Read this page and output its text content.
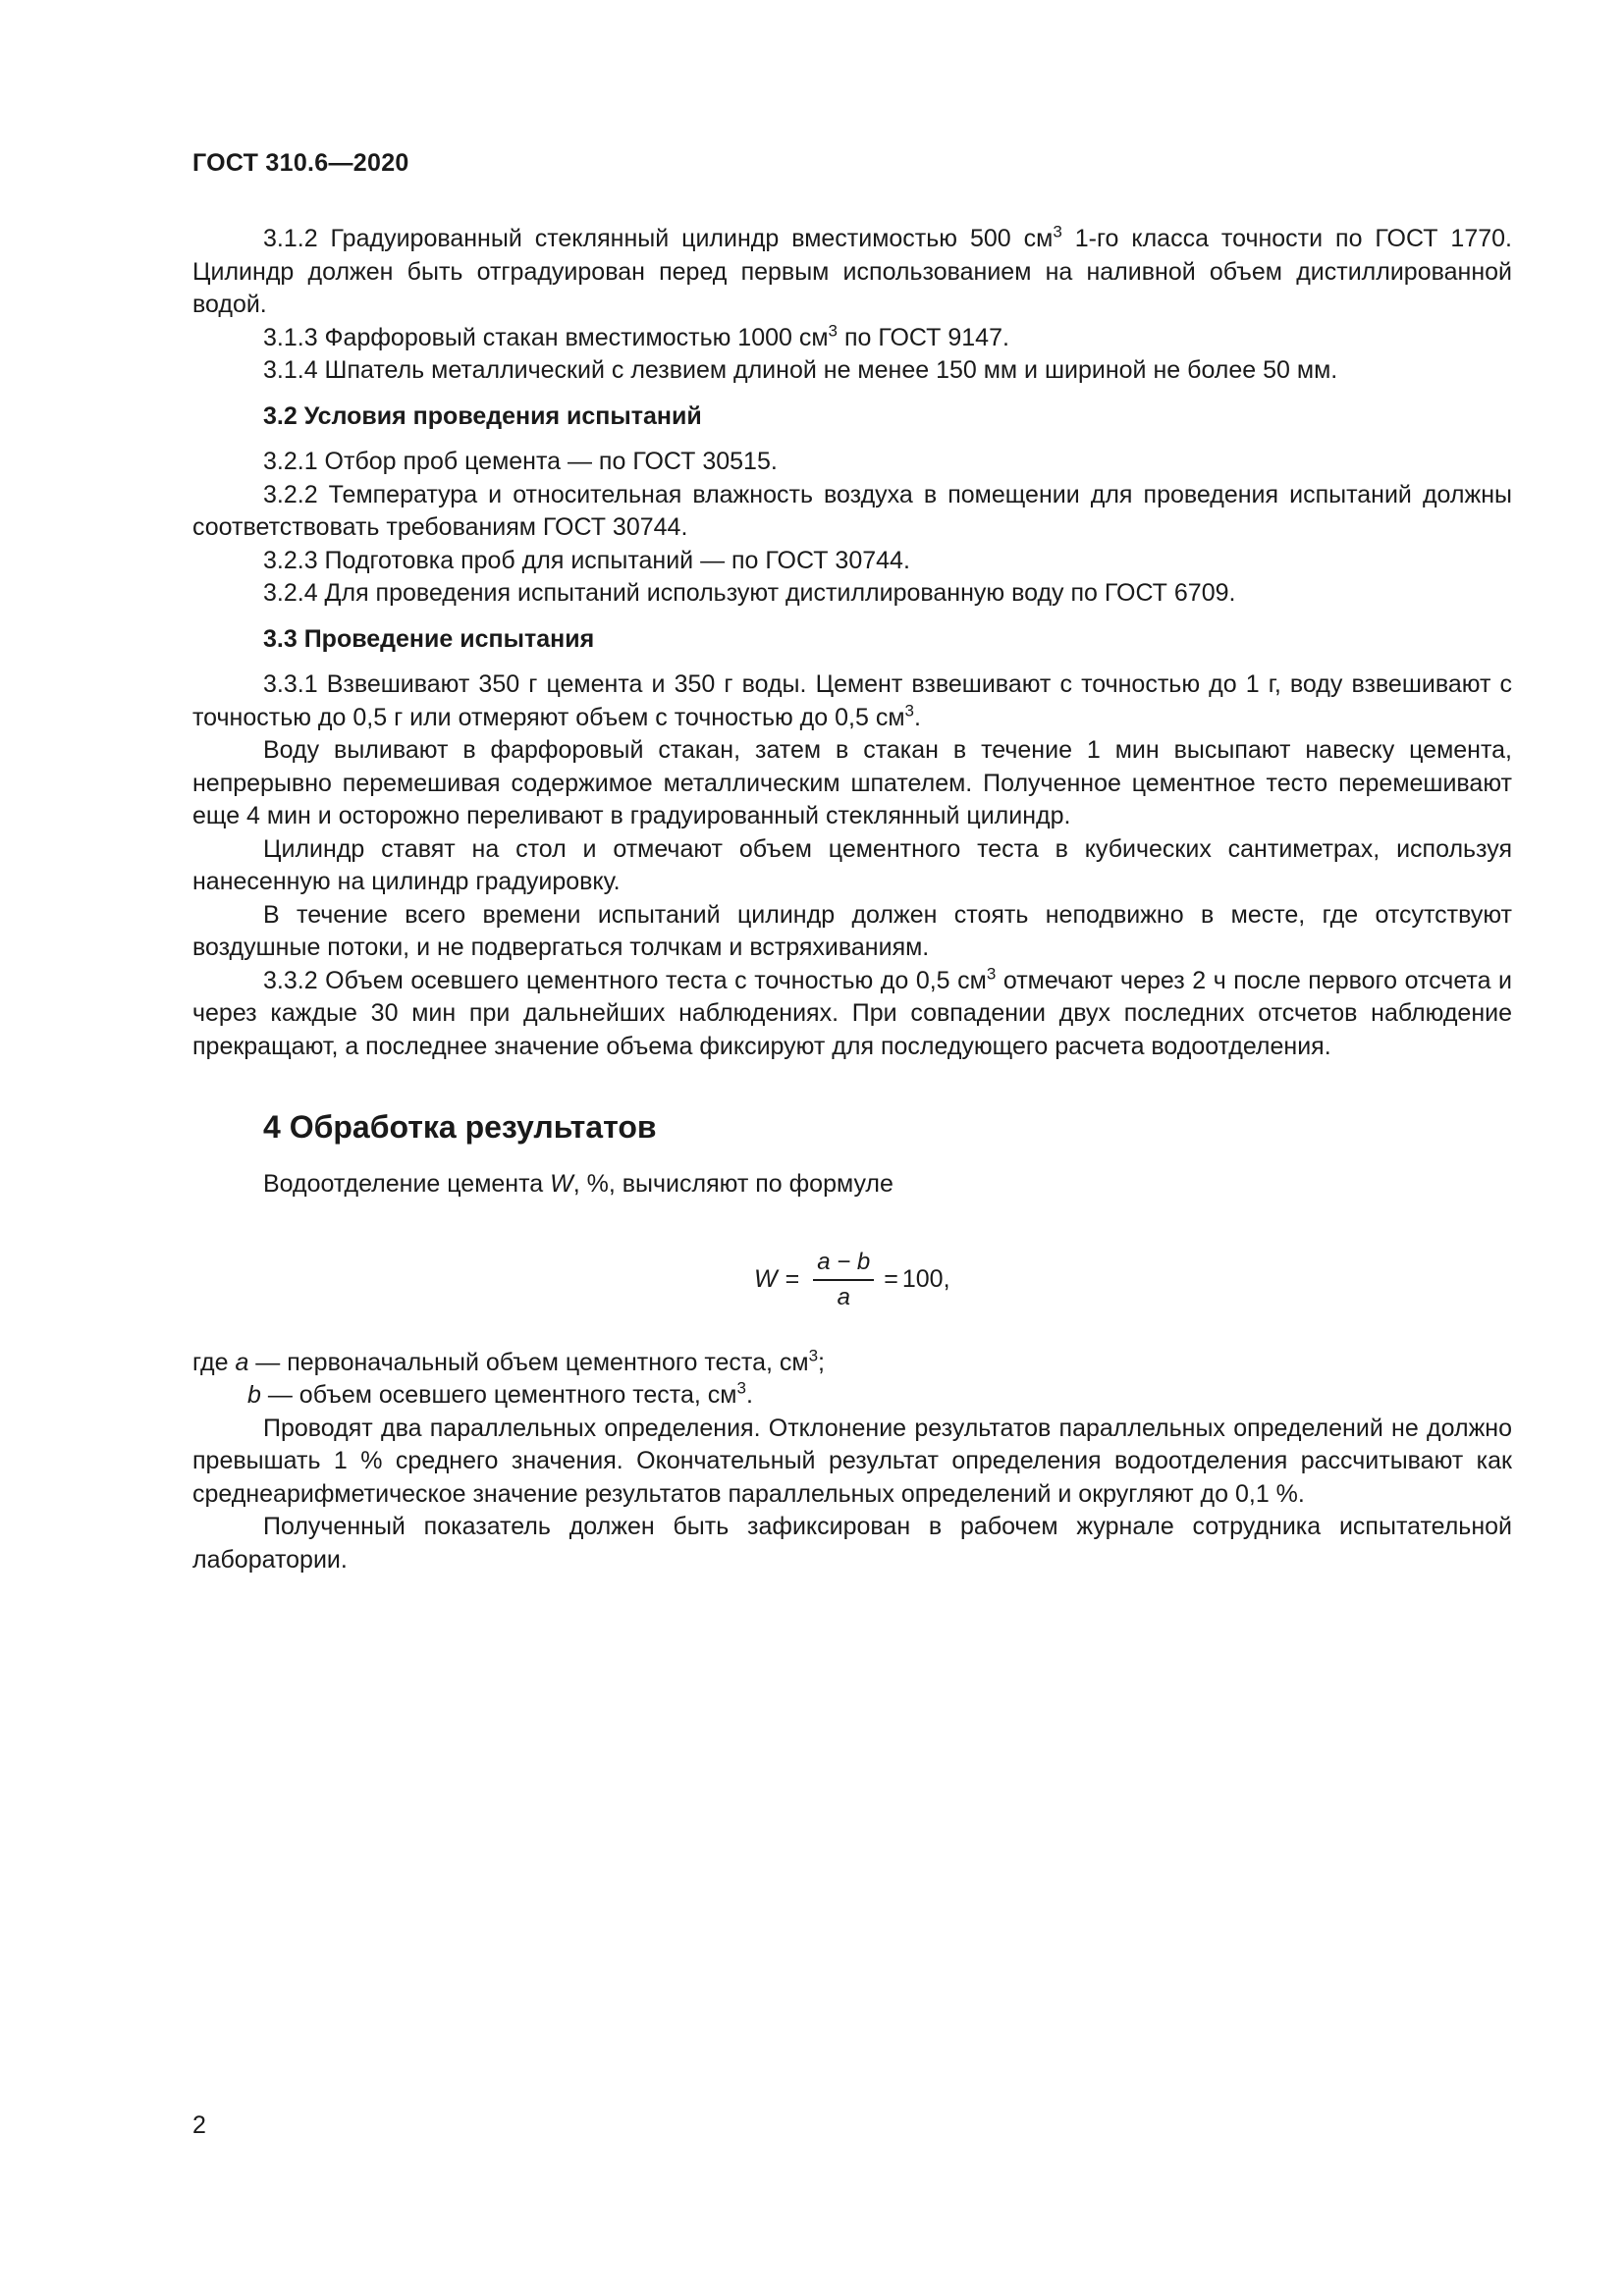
ГОСТ 310.6—2020

3.1.2 Градуированный стеклянный цилиндр вместимостью 500 $см^3$ 1-го класса точности по ГОСТ 1770. Цилиндр должен быть отградуирован перед первым использованием на наливной объем дистиллированной водой.

3.1.3 Фарфоровый стакан вместимостью 1000 $см^3$ по ГОСТ 9147.

3.1.4 Шпатель металлический с лезвием длиной не менее 150 мм и шириной не более 50 мм.

3.2 Условия проведения испытаний

3.2.1 Отбор проб цемента — по ГОСТ 30515.

3.2.2 Температура и относительная влажность воздуха в помещении для проведения испытаний должны соответствовать требованиям ГОСТ 30744.

3.2.3 Подготовка проб для испытаний — по ГОСТ 30744.

3.2.4 Для проведения испытаний используют дистиллированную воду по ГОСТ 6709.

3.3 Проведение испытания

3.3.1 Взвешивают 350 г цемента и 350 г воды. Цемент взвешивают с точностью до 1 г, воду взвешивают с точностью до 0,5 г или отмеряют объем с точностью до 0,5 $см^3$.

Воду выливают в фарфоровый стакан, затем в стакан в течение 1 мин высыпают навеску цемента, непрерывно перемешивая содержимое металлическим шпателем. Полученное цементное тесто перемешивают еще 4 мин и осторожно переливают в градуированный стеклянный цилиндр.

Цилиндр ставят на стол и отмечают объем цементного теста в кубических сантиметрах, используя нанесенную на цилиндр градуировку.

В течение всего времени испытаний цилиндр должен стоять неподвижно в месте, где отсутствуют воздушные потоки, и не подвергаться толчкам и встряхиваниям.

3.3.2 Объем осевшего цементного теста с точностью до 0,5 $см^3$ отмечают через 2 ч после первого отсчета и через каждые 30 мин при дальнейших наблюдениях. При совпадении двух последних отсчетов наблюдение прекращают, а последнее значение объема фиксируют для последующего расчета водоотделения.

4 Обработка результатов

Водоотделение цемента W, %, вычисляют по формуле

$W = \frac{a - b}{a} = 100$,

где a — первоначальный объем цементного теста, $см^3$;

b — объем осевшего цементного теста, $см^3$.

Проводят два параллельных определения. Отклонение результатов параллельных определений не должно превышать 1 % среднего значения. Окончательный результат определения водоотделения рассчитывают как среднеарифметическое значение результатов параллельных определений и округляют до 0,1 %.

Полученный показатель должен быть зафиксирован в рабочем журнале сотрудника испытательной лаборатории.

2
